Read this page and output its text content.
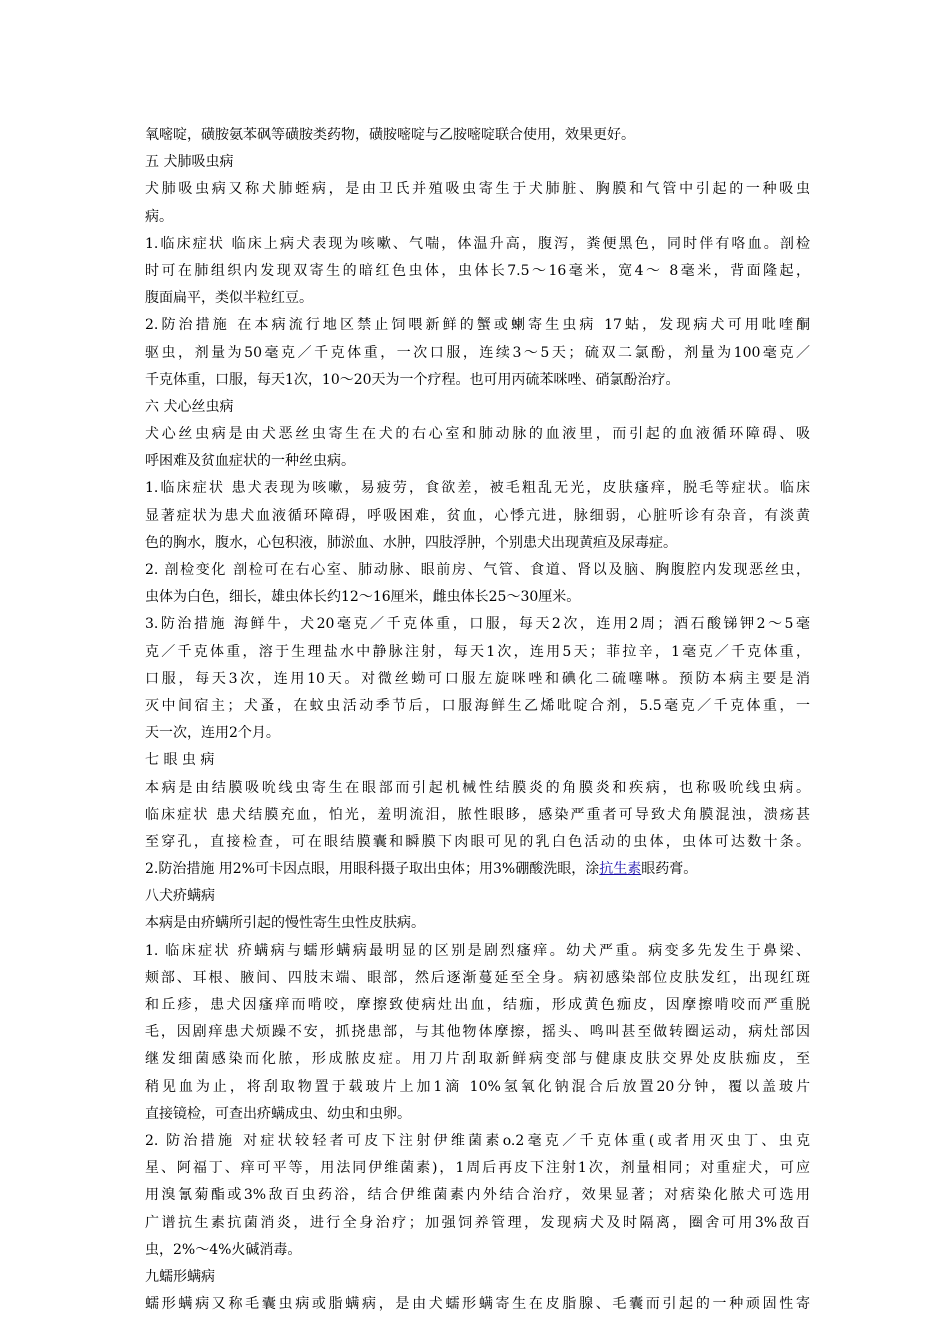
氧嘧啶，磺胺氨苯砜等磺胺类药物，磺胺嘧啶与乙胺嘧啶联合使用，效果更好。
五 犬肺吸虫病
犬肺吸虫病又称犬肺蛭病，是由卫氏并殖吸虫寄生于犬肺脏、胸膜和气管中引起的一种吸虫
病。
1.临床症状 临床上病犬表现为咳嗽、气喘，体温升高，腹泻，粪便黑色，同时伴有咯血。剖检
时可在肺组织内发现双寄生的暗红色虫体，虫体长7.5～16毫米，宽4～ 8毫米，背面隆起，
腹面扁平，类似半粒红豆。
2.防治措施 在本病流行地区禁止饲喂新鲜的蟹或蝲寄生虫病 17蛄，发现病犬可用吡喹酮
驱虫，剂量为50毫克／千克体重，一次口服，连续3～5天；硫双二氯酚，剂量为100毫克／
千克体重，口服，每天1次，10～20天为一个疗程。也可用丙硫苯咪唑、硝氯酚治疗。
六 犬心丝虫病
犬心丝虫病是由犬恶丝虫寄生在犬的右心室和肺动脉的血液里，而引起的血液循环障碍、吸
呼困难及贫血症状的一种丝虫病。
1.临床症状 患犬表现为咳嗽，易疲劳，食欲差，被毛粗乱无光，皮肤瘙痒，脱毛等症状。临床
显著症状为患犬血液循环障碍，呼吸困难，贫血，心悸亢进，脉细弱，心脏听诊有杂音，有淡黄
色的胸水，腹水，心包积液，肺淤血、水肿，四肢浮肿，个别患犬出现黄疸及尿毒症。
2. 剖检变化 剖检可在右心室、肺动脉、眼前房、气管、食道、肾以及脑、胸腹腔内发现恶丝虫，
虫体为白色，细长，雄虫体长约12～16厘米，雌虫体长25～30厘米。
3.防治措施 海鲜牛，犬20毫克／千克体重，口服，每天2次，连用2周；酒石酸锑钾2～5毫
克／千克体重，溶于生理盐水中静脉注射，每天1次，连用5天；菲拉辛，1毫克／千克体重，
口服，每天3次，连用10天。对微丝蚴可口服左旋咪唑和碘化二硫噻啉。预防本病主要是消
灭中间宿主；犬蚤，在蚊虫活动季节后，口服海鲜生乙烯吡啶合剂，5.5毫克／千克体重，一
天一次，连用2个月。
七 眼 虫 病
本病是由结膜吸吮线虫寄生在眼部而引起机械性结膜炎的角膜炎和疾病，也称吸吮线虫病。
临床症状 患犬结膜充血，怕光，羞明流泪，脓性眼眵，感染严重者可导致犬角膜混浊，溃疡甚
至穿孔，直接检查，可在眼结膜囊和瞬膜下肉眼可见的乳白色活动的虫体，虫体可达数十条。
2.防治措施 用2%可卡因点眼，用眼科摄子取出虫体；用3%硼酸洗眼，涂抗生素眼药膏。
八犬疥螨病
本病是由疥螨所引起的慢性寄生虫性皮肤病。
1. 临床症状 疥螨病与蠕形螨病最明显的区别是剧烈瘙痒。幼犬严重。病变多先发生于鼻梁、
颊部、耳根、腋间、四肢末端、眼部，然后逐渐蔓延至全身。病初感染部位皮肤发红，出现红斑
和丘疹，患犬因瘙痒而啃咬，摩擦致使病灶出血，结痂，形成黄色痂皮，因摩擦啃咬而严重脱
毛，因剧痒患犬烦躁不安，抓挠患部，与其他物体摩擦，摇头、鸣叫甚至做转圈运动，病灶部因
继发细菌感染而化脓，形成脓皮症。用刀片刮取新鲜病变部与健康皮肤交界处皮肤痂皮，至
稍见血为止，将刮取物置于载玻片上加1滴 10%氢氧化钠混合后放置20分钟，覆以盖玻片
直接镜检，可查出疥螨成虫、幼虫和虫卵。
2. 防治措施 对症状较轻者可皮下注射伊维菌素o.2毫克／千克体重(或者用灭虫丁、虫克
星、阿福丁、痒可平等，用法同伊维菌素)，1周后再皮下注射1次，剂量相同；对重症犬，可应
用溴氰菊酯或3%敌百虫药浴，结合伊维菌素内外结合治疗，效果显著；对痞染化脓犬可选用
广谱抗生素抗菌消炎，进行全身治疗；加强饲养管理，发现病犬及时隔离，圈舍可用3%敌百
虫，2%～4%火碱消毒。
九蠕形螨病
蠕形螨病又称毛囊虫病或脂螨病，是由犬蠕形螨寄生在皮脂腺、毛囊而引起的一种顽固性寄
